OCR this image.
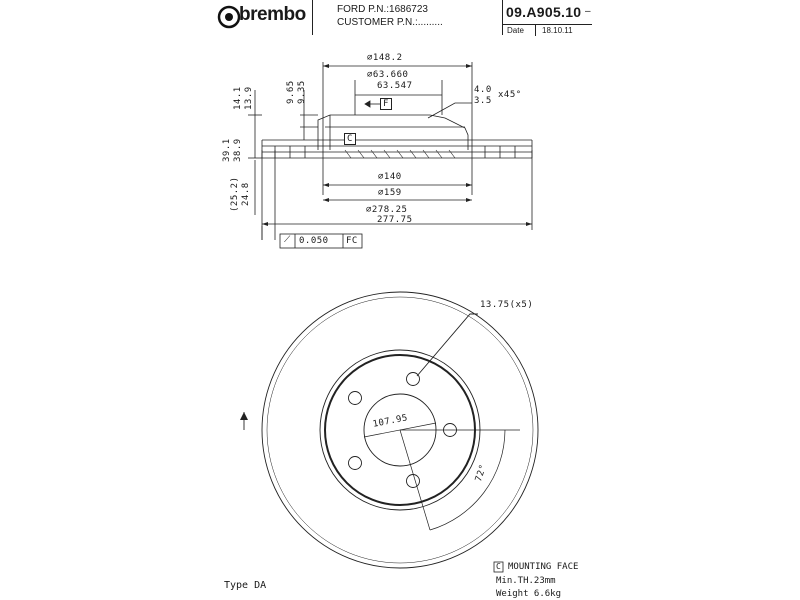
brembo	FORD P.N.:1686723
CUSTOMER P.N.:.........
09.A905.10 –
Date 18.10.11
∅148.2
∅63.660
63.547	4.0
3.5
x45°
9.65 9.35
14.1 13.9
39.1 38.9
(25.2) 24.8
F
C
∅140
∅159
∅278.25
277.75
⟋ 0.050 FC
13.75(x5)
107.95
72°
C MOUNTING FACE
Min.TH.23mm
Weight 6.6kg
Type DA
